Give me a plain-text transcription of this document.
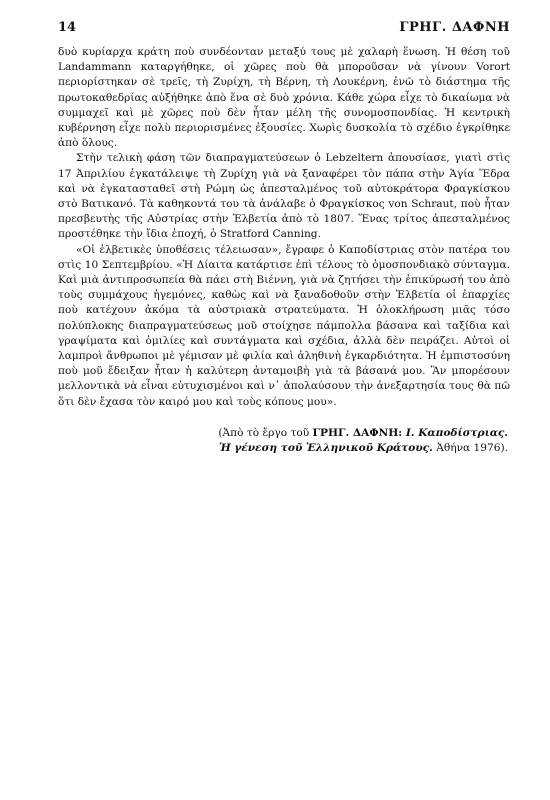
14	ΓΡΗΓ. ΔΑΦΝΗ

δυὸ κυρίαρχα κράτη ποὺ συνδέονταν μεταξύ τους μὲ χαλαρὴ ἕνωση. Ἡ θέση τοῦ Landammann καταργήθηκε, οἱ χῶρες ποὺ θὰ μποροῦσαν νὰ γίνουν Vorort περιορίστηκαν σὲ τρεῖς, τὴ Ζυρίχη, τὴ Βέρνη, τὴ Λουκέρνη, ἐνῶ τὸ διάστημα τῆς πρωτοκαθεδρίας αὐξήθηκε ἀπὸ ἕνα σὲ δυὸ χρόνια. Κάθε χώρα εἶχε τὸ δικαίωμα νὰ συμμαχεῖ καὶ μὲ χῶρες ποὺ δὲν ἦταν μέλη τῆς συνομοσπονδίας. Ἡ κεντρικὴ κυβέρνηση εἶχε πολὺ περιορισμένες ἐξουσίες. Χωρὶς δυσκολία τὸ σχέδιο ἐγκρίθηκε ἀπὸ ὅλους.

Στὴν τελικὴ φάση τῶν διαπραγματεύσεων ὁ Lebzeltern ἀπουσίασε, γιατὶ στὶς 17 Ἀπριλίου ἐγκατάλειψε τὴ Ζυρίχη γιὰ νὰ ξαναφέρει τὸν πάπα στὴν Ἁγία Ἕδρα καὶ νὰ ἐγκατασταθεῖ στὴ Ρώμη ὡς ἀπεσταλμένος τοῦ αὐτοκράτορα Φραγκίσκου στὸ Βατικανό. Τὰ καθηκοντά του τὰ ἀνάλαβε ὁ Φραγκίσκος von Schraut, ποὺ ἦταν πρεσβευτὴς τῆς Αὐστρίας στὴν Ἑλβετία ἀπὸ τὸ 1807. Ἕνας τρίτος ἀπεσταλμένος προστέθηκε τὴν ἴδια ἐποχή, ὁ Stratford Canning.

«Οἱ ἑλβετικὲς ὑποθέσεις τέλειωσαν», ἔγραφε ὁ Καποδίστριας στὸν πατέρα του στὶς 10 Σεπτεμβρίου. «Ἡ Δίαιτα κατάρτισε ἐπὶ τέλους τὸ ὁμοσπονδιακὸ σύνταγμα. Καὶ μιὰ ἀντιπροσωπεία θὰ πάει στὴ Βιέννη, γιὰ νὰ ζητήσει τὴν ἐπικύρωσή του ἀπὸ τοὺς συμμάχους ἡγεμόνες, καθὼς καὶ νὰ ξαναδοθοῦν στὴν Ἑλβετία οἱ ἐπαρχίες ποὺ κατέχουν ἀκόμα τὰ αὐστριακὰ στρατεύματα. Ἡ ὁλοκλήρωση μιᾶς τόσο πολύπλοκης διαπραγματεύσεως μοῦ στοίχησε πάμπολλα βάσανα καὶ ταξίδια καὶ γραψίματα καὶ ὁμιλίες καὶ συντάγματα καὶ σχέδια, ἀλλὰ δὲν πειράζει. Αὐτοὶ οἱ λαμπροὶ ἄνθρωποι μὲ γέμισαν μὲ φιλία καὶ ἀληθινὴ ἐγκαρδιότητα. Ἡ ἐμπιστοσύνη ποὺ μοῦ ἔδειξαν ἦταν ἡ καλύτερη ἀνταμοιβὴ γιὰ τὰ βάσανά μου. Ἂν μπορέσουν μελλοντικὰ νὰ εἶναι εὐτυχισμένοι καὶ ν᾿ ἀπολαύσουν τὴν ἀνεξαρτησία τους θὰ πῶ ὅτι δὲν ἔχασα τὸν καιρό μου καὶ τοὺς κόπους μου».

(Ἀπὸ τὸ ἔργο τοῦ ΓΡΗΓ. ΔΑΦΝΗ: Ι. Καποδίστριας.
Ἡ γένεση τοῦ Ἑλληνικοῦ Κράτους. Ἀθήνα 1976).
